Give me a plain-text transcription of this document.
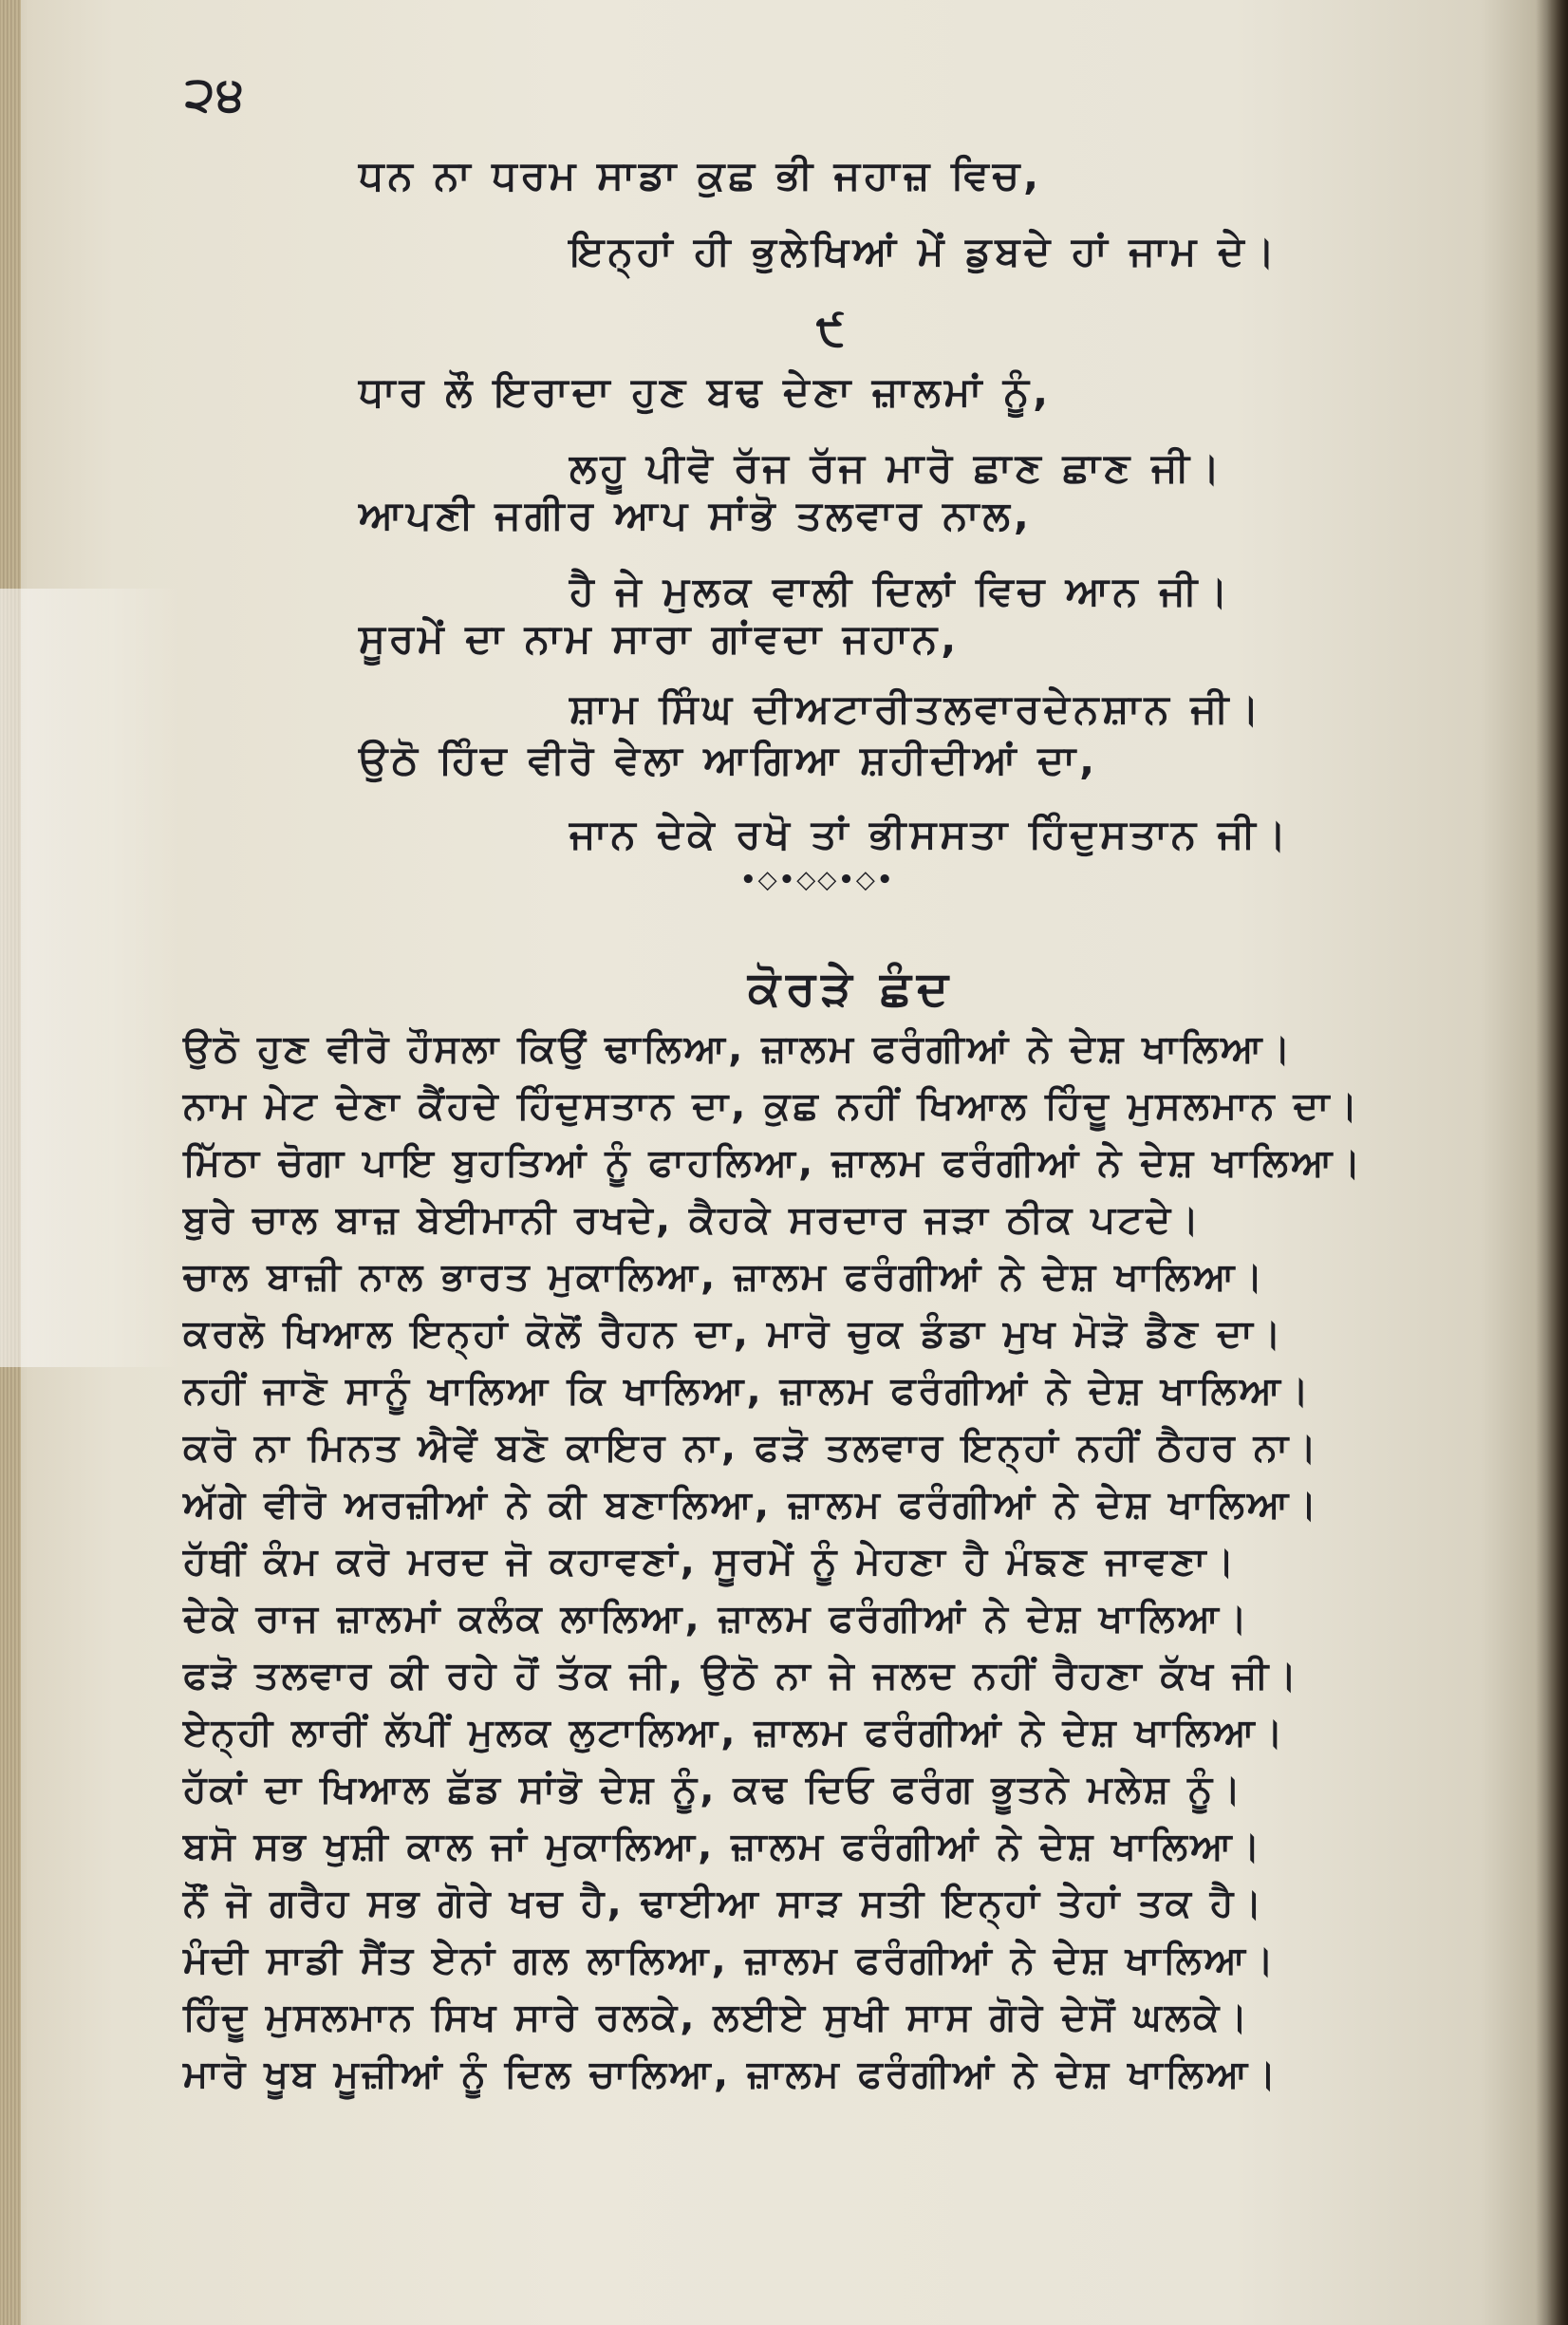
੨੪
ਧਨ ਨਾ ਧਰਮ ਸਾਡਾ ਕੁਛ ਭੀ ਜਹਾਜ਼ ਵਿਚ,
ਇਨ੍ਹਾਂ ਹੀ ਭੁਲੇਖਿਆਂ ਮੇਂ ਡੁਬਦੇ ਹਾਂ ਜਾਮ ਦੇ।
੯
ਧਾਰ ਲੌ ਇਰਾਦਾ ਹੁਣ ਬਢ ਦੇਣਾ ਜ਼ਾਲਮਾਂ ਨੂੰ,
ਲਹੂ ਪੀਵੋ ਰੱਜ ਰੱਜ ਮਾਰੋ ਛਾਣ ਛਾਣ ਜੀ।
ਆਪਣੀ ਜਗੀਰ ਆਪ ਸਾਂਭੋ ਤਲਵਾਰ ਨਾਲ,
ਹੈ ਜੇ ਮੁਲਕ ਵਾਲੀ ਦਿਲਾਂ ਵਿਚ ਆਨ ਜੀ।
ਸੂਰਮੇਂ ਦਾ ਨਾਮ ਸਾਰਾ ਗਾਂਵਦਾ ਜਹਾਨ,
ਸ਼ਾਮ ਸਿੰਘ ਦੀਅਟਾਰੀਤਲਵਾਰਦੇਨਸ਼ਾਨ ਜੀ।
ਉਠੋ ਹਿੰਦ ਵੀਰੋ ਵੇਲਾ ਆਗਿਆ ਸ਼ਹੀਦੀਆਂ ਦਾ,
ਜਾਨ ਦੇਕੇ ਰਖੋ ਤਾਂ ਭੀਸਸਤਾ ਹਿੰਦੁਸਤਾਨ ਜੀ।
•◇•◇◇•◇•
ਕੋਰੜੇ ਛੰਦ
ਉਠੋ ਹੁਣ ਵੀਰੋ ਹੌਸਲਾ ਕਿਉਂ ਢਾਲਿਆ, ਜ਼ਾਲਮ ਫਰੰਗੀਆਂ ਨੇ ਦੇਸ਼ ਖਾਲਿਆ।
ਨਾਮ ਮੇਟ ਦੇਣਾ ਕੈਂਹਦੇ ਹਿੰਦੁਸਤਾਨ ਦਾ, ਕੁਛ ਨਹੀਂ ਖਿਆਲ ਹਿੰਦੂ ਮੁਸਲਮਾਨ ਦਾ।
ਮਿੱਠਾ ਚੋਗਾ ਪਾਇ ਬੁਹਤਿਆਂ ਨੂੰ ਫਾਹਲਿਆ, ਜ਼ਾਲਮ ਫਰੰਗੀਆਂ ਨੇ ਦੇਸ਼ ਖਾਲਿਆ।
ਬੁਰੇ ਚਾਲ ਬਾਜ਼ ਬੇਈਮਾਨੀ ਰਖਦੇ, ਕੈਹਕੇ ਸਰਦਾਰ ਜੜਾ ਠੀਕ ਪਟਦੇ।
ਚਾਲ ਬਾਜ਼ੀ ਨਾਲ ਭਾਰਤ ਮੁਕਾਲਿਆ, ਜ਼ਾਲਮ ਫਰੰਗੀਆਂ ਨੇ ਦੇਸ਼ ਖਾਲਿਆ।
ਕਰਲੋ ਖਿਆਲ ਇਨ੍ਹਾਂ ਕੋਲੋਂ ਰੈਹਨ ਦਾ, ਮਾਰੋ ਚੁਕ ਡੰਡਾ ਮੁਖ ਮੋੜੋ ਡੈਣ ਦਾ।
ਨਹੀਂ ਜਾਣੋ ਸਾਨੂੰ ਖਾਲਿਆ ਕਿ ਖਾਲਿਆ, ਜ਼ਾਲਮ ਫਰੰਗੀਆਂ ਨੇ ਦੇਸ਼ ਖਾਲਿਆ।
ਕਰੋ ਨਾ ਮਿਨਤ ਐਵੇਂ ਬਣੋ ਕਾਇਰ ਨਾ, ਫੜੋ ਤਲਵਾਰ ਇਨ੍ਹਾਂ ਨਹੀਂ ਠੈਹਰ ਨਾ।
ਅੱਗੇ ਵੀਰੋ ਅਰਜ਼ੀਆਂ ਨੇ ਕੀ ਬਣਾਲਿਆ, ਜ਼ਾਲਮ ਫਰੰਗੀਆਂ ਨੇ ਦੇਸ਼ ਖਾਲਿਆ।
ਹੱਥੀਂ ਕੰਮ ਕਰੋ ਮਰਦ ਜੋ ਕਹਾਵਣਾਂ, ਸੂਰਮੇਂ ਨੂੰ ਮੇਹਣਾ ਹੈ ਮੰਙਣ ਜਾਵਣਾ।
ਦੇਕੇ ਰਾਜ ਜ਼ਾਲਮਾਂ ਕਲੰਕ ਲਾਲਿਆ, ਜ਼ਾਲਮ ਫਰੰਗੀਆਂ ਨੇ ਦੇਸ਼ ਖਾਲਿਆ।
ਫੜੋ ਤਲਵਾਰ ਕੀ ਰਹੇ ਹੋਂ ਤੱਕ ਜੀ, ਉਠੋ ਨਾ ਜੇ ਜਲਦ ਨਹੀਂ ਰੈਹਣਾ ਕੱਖ ਜੀ।
ਏਨ੍ਹੀ ਲਾਰੀਂ ਲੱਪੀਂ ਮੁਲਕ ਲੁਟਾਲਿਆ, ਜ਼ਾਲਮ ਫਰੰਗੀਆਂ ਨੇ ਦੇਸ਼ ਖਾਲਿਆ।
ਹੱਕਾਂ ਦਾ ਖਿਆਲ ਛੱਡ ਸਾਂਭੋ ਦੇਸ਼ ਨੂੰ, ਕਢ ਦਿਓ ਫਰੰਗ ਭੂਤਨੇ ਮਲੇਸ਼ ਨੂੰ।
ਬਸੋ ਸਭ ਖੁਸ਼ੀ ਕਾਲ ਜਾਂ ਮੁਕਾਲਿਆ, ਜ਼ਾਲਮ ਫਰੰਗੀਆਂ ਨੇ ਦੇਸ਼ ਖਾਲਿਆ।
ਨੌਂ ਜੋ ਗਰੈਹ ਸਭ ਗੋਰੇ ਖਚ ਹੈ, ਢਾਈਆ ਸਾੜ ਸਤੀ ਇਨ੍ਹਾਂ ਤੇਹਾਂ ਤਕ ਹੈ।
ਮੰਦੀ ਸਾਡੀ ਸੈਂਤ ਏਨਾਂ ਗਲ ਲਾਲਿਆ, ਜ਼ਾਲਮ ਫਰੰਗੀਆਂ ਨੇ ਦੇਸ਼ ਖਾਲਿਆ।
ਹਿੰਦੂ ਮੁਸਲਮਾਨ ਸਿਖ ਸਾਰੇ ਰਲਕੇ, ਲਈਏ ਸੁਖੀ ਸਾਸ ਗੋਰੇ ਦੇਸੋਂ ਘਲਕੇ।
ਮਾਰੋ ਖੂਬ ਮੂਜ਼ੀਆਂ ਨੂੰ ਦਿਲ ਚਾਲਿਆ, ਜ਼ਾਲਮ ਫਰੰਗੀਆਂ ਨੇ ਦੇਸ਼ ਖਾਲਿਆ।
